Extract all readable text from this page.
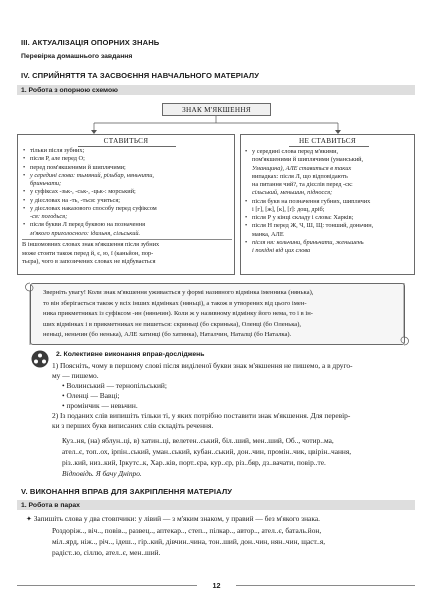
ІІІ. АКТУАЛІЗАЦІЯ ОПОРНИХ ЗНАНЬ
Перевірка домашнього завдання
IV. СПРИЙНЯТТЯ ТА ЗАСВОЄННЯ НАВЧАЛЬНОГО МАТЕРІАЛУ
1. Робота з опорною схемою
ЗНАК М'ЯКШЕННЯ
СТАВИТЬСЯ
• тільки після зубних;
• після Р, але перед О;
• перед пом'якшеними й шиплячими;
• у середині слова: тьмяний, рільбар, няньчити,
бриньчати;
• у суфіксах -зьк-, -ськ-, -цьк-: морський;
• у дієсловах на -ть, -ться: учиться;
• у дієсловах наказового способу перед суфіксом
-ся: погодься;
• після букви Л перед буквою на позначення
м'якого приголосного: ідальня, сільський.
В іншомовних словах знак м'якшення після зубних
може стояти також перед й, є, ю, ї (каньйон, пор-
тьєра), чого в запозичених словах не відбувається
НЕ СТАВИТЬСЯ
• у середині слова перед м'якими,
пом'якшеними й шиплячими (уманський,
Уманщина), АЛЕ ставиться в таких
випадках: після Л, що відповідають
на питання чий?, та дієслів перед -ск:
сільський, меньшин, підносся;
• після букв на позначення губних, шиплячих
і [г], [ж], [к], [ґ]: дощ, дріб;
• після Р у кінці складу і слова: Харків;
• після Н перед Ж, Ч, Ш, Щ: тонший, доньчин,
манка, АЛЕ
• після ня: кольчини, бриньчати, женьшень
і похідні від цих слова
Зверніть увагу! Коли знак м'якшення уживається у формі називного відмінка іменника (нянька),
то він зберігається також у всіх інших відмінках (няньці), а також в утворених від цього імен-
ника прикметниках із суфіксом -ин (няньчин). Коли ж у називному відмінку його нема, то і в ін-
ших відмінках і в прикметниках не пишеться: скриньці (бо скринька), Оленці (бо Оленька),
неньці, неньчин (бо ненька), АЛЕ хатинці (бо хатинка), Наталчин, Наталці (бо Наталка).
2. Колективне виконання вправ-досліджень
1) Поясніть, чому в першому слові після виділеної букви знак м'якшення не пишемо, а в друго-
му — пишемо.
• Волинський — тернопільський;
• Оленці — Вавці;
• промінчик — невьчин.
2) Із поданих слів випишіть тільки ті, у яких потрібно поставити знак м'якшення. Для перевір-
ки з перших букв виписаних слів складіть речення.
Куз..ня, (на) яблун..ці, в) хатин..ці, велетен..ський, біл..ший, мен..ший, Об.., чотир..ма,
ател..є, топ..ох, ірпін..ський, уман..ський, кубан..ський, дон..чин, промін..чик, цвірін..чання,
різ..кий, низ..кий, Іркутс..к, Хар..ків, порт..єра, кур..єр, різ..бяр, дз..вачати, повір..те.
Відповідь. Я бачу Дніпро.
V. ВИКОНАННЯ ВПРАВ ДЛЯ ЗАКРІПЛЕННЯ МАТЕРІАЛУ
1. Робота в парах
✦ Запишіть слова у два стовпчики: у лівий — з м'яким знаком, у правий — без м'якого знака.
Роздоріж.., віч.., повів.., развец.., аптекар.., степ.., пілкар.., автор.., ател..є, баталь.йон,
міл..ярд, ніж.., річ.., ідеш.., гір..кий, дівчин..чина, тон..ший, дон..чин, нян..чин, щаст..я,
радіст..ю, сіллю, ател..є, мен..ший.
12
